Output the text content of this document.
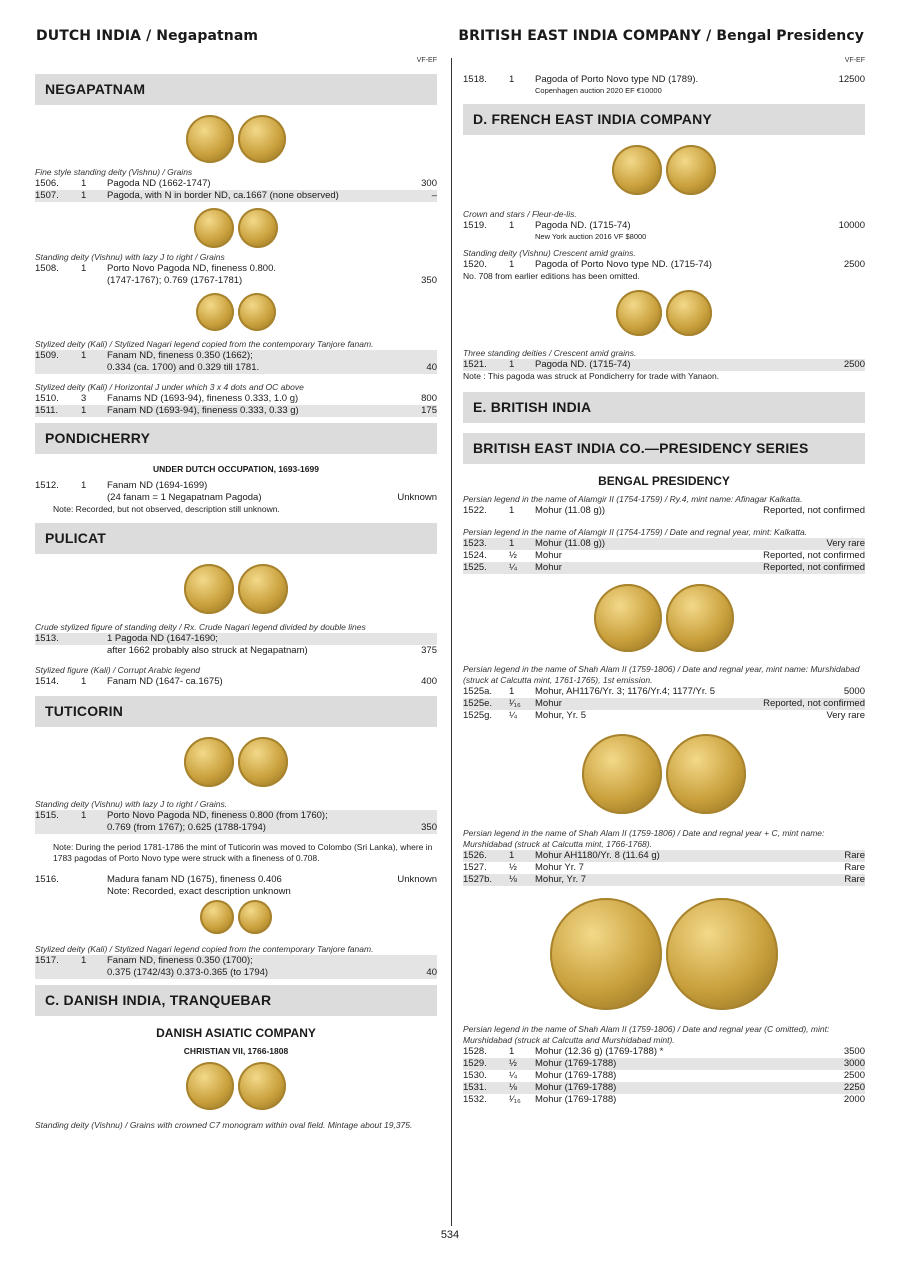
DUTCH INDIA / Negapatnam	BRITISH EAST INDIA COMPANY / Bengal Presidency
VF-EF
NEGAPATNAM
Fine style standing deity (Vishnu) / Grains
1506.	1	Pagoda ND (1662-1747)	300
1507.	1	Pagoda, with N in border ND, ca.1667 (none observed)	–
Standing deity (Vishnu) with lazy J to right / Grains
1508.	1	Porto Novo Pagoda ND, fineness 0.800.
(1747-1767); 0.769 (1767-1781)	350
Stylized deity (Kali) / Stylized Nagari legend copied from the contemporary Tanjore fanam.
1509.	1	Fanam ND, fineness 0.350 (1662);
0.334 (ca. 1700) and 0.329 till 1781.	40
Stylized deity (Kali) / Horizontal J under which 3 x 4 dots and OC above
1510.	3	Fanams ND (1693-94), fineness 0.333, 1.0 g)	800
1511.	1	Fanam ND (1693-94), fineness 0.333, 0.33 g)	175
PONDICHERRY
UNDER DUTCH OCCUPATION, 1693-1699
1512.	1	Fanam ND (1694-1699)
(24 fanam = 1 Negapatnam Pagoda)	Unknown
Note: Recorded, but not observed, description still unknown.
PULICAT
Crude stylized figure of standing deity / Rx. Crude Nagari legend divided by double lines
1513.	1 Pagoda ND (1647-1690;
after 1662 probably also struck at Negapatnam)	375
Stylized figure (Kali) / Corrupt Arabic legend
1514.	1	Fanam ND (1647- ca.1675)	400
TUTICORIN
Standing deity (Vishnu) with lazy J to right / Grains.
1515.	1	Porto Novo Pagoda ND, fineness 0.800 (from 1760);
0.769 (from 1767); 0.625 (1788-1794)	350
Note: During the period 1781-1786 the mint of Tuticorin was moved to Colombo (Sri Lanka), where in 1783 pagodas of Porto Novo type were struck with a fineness of 0.708.
1516.	Madura fanam ND (1675), fineness 0.406	Unknown
Note: Recorded, exact description unknown
Stylized deity (Kali) / Stylized Nagari legend copied from the contemporary Tanjore fanam.
1517.	1	Fanam ND, fineness 0.350 (1700);
0.375 (1742/43) 0.373-0.365 (to 1794)	40
C. DANISH INDIA, TRANQUEBAR
DANISH ASIATIC COMPANY
CHRISTIAN VII, 1766-1808
Standing deity (Vishnu) / Grains with crowned C7 monogram within oval field. Mintage about 19,375.
VF-EF
1518.	1	Pagoda of Porto Novo type ND (1789).	12500
Copenhagen auction 2020 EF €10000
D. FRENCH EAST INDIA COMPANY
Crown and stars / Fleur-de-lis.
1519.	1	Pagoda ND. (1715-74)	10000
New York auction 2016 VF $8000
Standing deity (Vishnu) Crescent amid grains.
1520.	1	Pagoda of Porto Novo type ND. (1715-74)	2500
No. 708 from earlier editions has been omitted.
Three standing deities / Crescent amid grains.
1521.	1	Pagoda ND. (1715-74)	2500
Note : This pagoda was struck at Pondicherry for trade with Yanaon.
E. BRITISH INDIA
BRITISH EAST INDIA CO.—PRESIDENCY SERIES
BENGAL PRESIDENCY
Persian legend in the name of Alamgir II (1754-1759) / Ry.4, mint name: Afinagar Kalkatta.
1522.	1	Mohur (11.08 g))	Reported, not confirmed
Persian legend in the name of Alamgir II (1754-1759) / Date and regnal year, mint: Kalkatta.
1523.	1	Mohur (11.08 g))	Very rare
1524.	½	Mohur	Reported, not confirmed
1525.	¼	Mohur	Reported, not confirmed
Persian legend in the name of Shah Alam II (1759-1806) / Date and regnal year, mint name: Murshidabad (struck at Calcutta mint, 1761-1765), 1st emission.
1525a.	1	Mohur, AH1176/Yr. 3; 1176/Yr.4; 1177/Yr. 5	5000
1525e.	¹⁄₁₆	Mohur	Reported, not confirmed
1525g.	¼	Mohur, Yr. 5	Very rare
Persian legend in the name of Shah Alam II (1759-1806) / Date and regnal year + C, mint name: Murshidabad (struck at Calcutta mint, 1766-1768).
1526.	1	Mohur AH1180/Yr. 8 (11.64 g)	Rare
1527.	½	Mohur Yr. 7	Rare
1527b.	⅛	Mohur, Yr. 7	Rare
Persian legend in the name of Shah Alam II (1759-1806) / Date and regnal year (C omitted), mint: Murshidabad (struck at Calcutta and Murshidabad mint).
1528.	1	Mohur (12.36 g) (1769-1788) *	3500
1529.	½	Mohur (1769-1788)	3000
1530.	¼	Mohur (1769-1788)	2500
1531.	⅛	Mohur (1769-1788)	2250
1532.	¹⁄₁₆	Mohur (1769-1788)	2000
534
